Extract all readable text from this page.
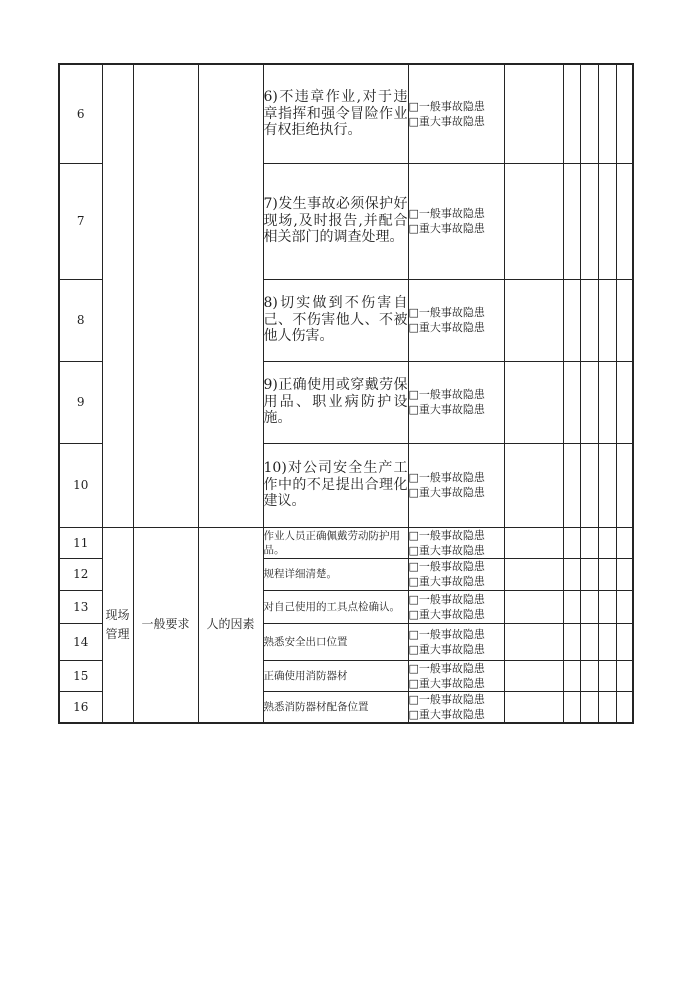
6				6)不违章作业,对于违章指挥和强令冒险作业有权拒绝执行。	□一般事故隐患
□重大事故隐患					

7				7)发生事故必须保护好现场,及时报告,并配合相关部门的调查处理。	□一般事故隐患
□重大事故隐患					

8				8)切实做到不伤害自己、不伤害他人、不被他人伤害。	□一般事故隐患
□重大事故隐患					

9				9)正确使用或穿戴劳保用品、职业病防护设施。	□一般事故隐患
□重大事故隐患					

10				10)对公司安全生产工作中的不足提出合理化建议。	□一般事故隐患
□重大事故隐患					

11	现场管理	一般要求	人的因素	作业人员正确佩戴劳动防护用品。	□一般事故隐患
□重大事故隐患					

12				规程详细清楚。	□一般事故隐患
□重大事故隐患					

13				对自己使用的工具点检确认。	□一般事故隐患
□重大事故隐患					

14				熟悉安全出口位置	□一般事故隐患
□重大事故隐患					

15				正确使用消防器材	□一般事故隐患
□重大事故隐患					

16				熟悉消防器材配备位置	□一般事故隐患
□重大事故隐患					
